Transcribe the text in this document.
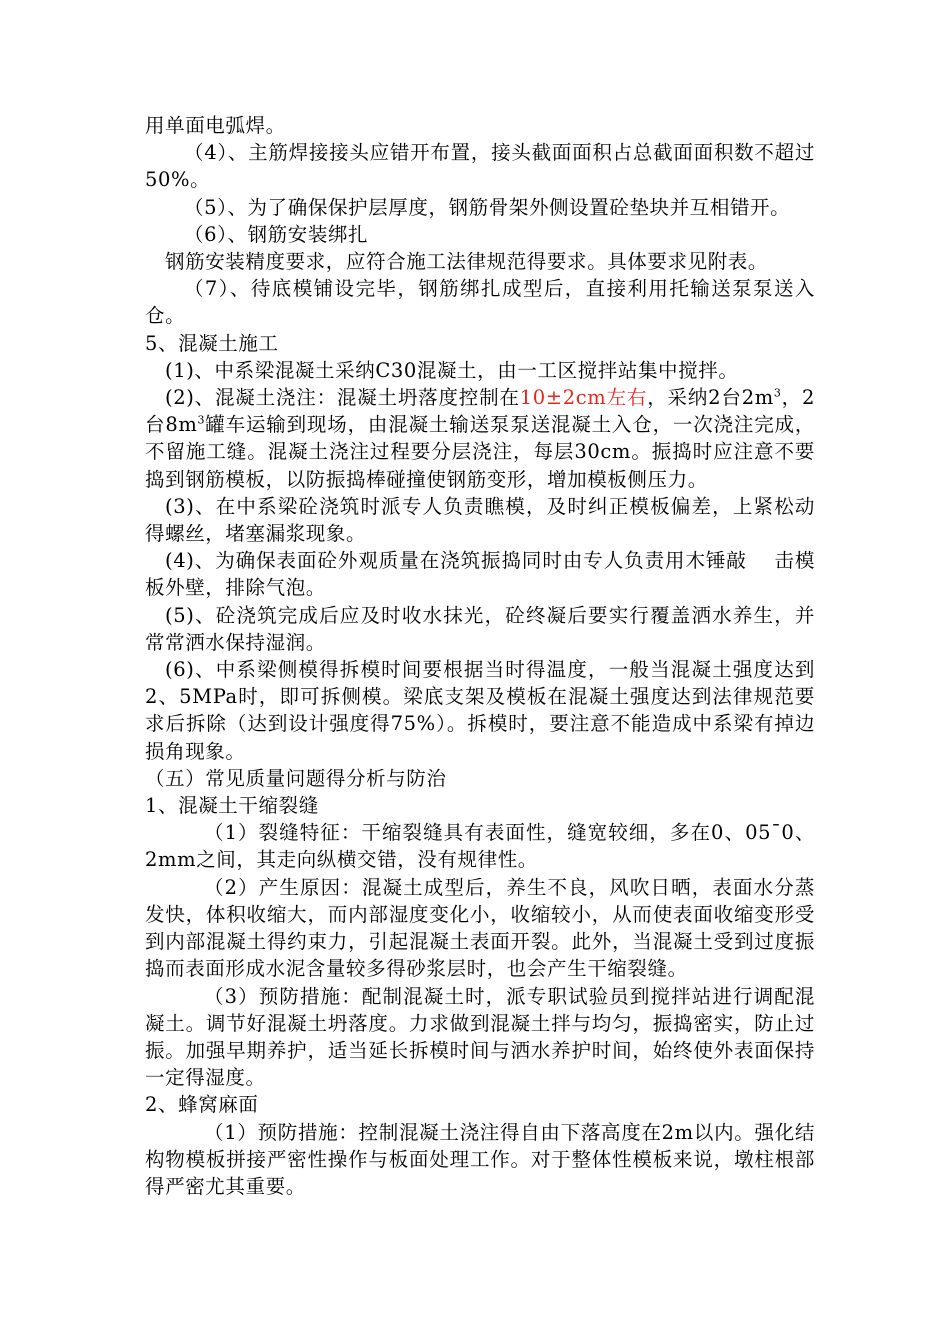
用单面电弧焊。

（4）、主筋焊接接头应错开布置，接头截面面积占总截面面积数不超过50%。

（5）、为了确保保护层厚度，钢筋骨架外侧设置砼垫块并互相错开。

（6）、钢筋安装绑扎

钢筋安装精度要求，应符合施工法律规范得要求。具体要求见附表。

（7）、待底模铺设完毕，钢筋绑扎成型后，直接利用托输送泵泵送入仓。

5、混凝土施工

(1)、中系梁混凝土采纳C30混凝土，由一工区搅拌站集中搅拌。

(2)、混凝土浇注：混凝土坍落度控制在10±2cm左右，采纳2台$2m^3$，2台$8m^3$罐车运输到现场，由混凝土输送泵泵送混凝土入仓，一次浇注完成，不留施工缝。混凝土浇注过程要分层浇注，每层30cm。振捣时应注意不要捣到钢筋模板，以防振捣棒碰撞使钢筋变形，增加模板侧压力。

(3)、在中系梁砼浇筑时派专人负责瞧模，及时纠正模板偏差，上紧松动得螺丝，堵塞漏浆现象。

(4)、为确保表面砼外观质量在浇筑振捣同时由专人负责用木锤敲　 击模板外壁，排除气泡。

(5)、砼浇筑完成后应及时收水抹光，砼终凝后要实行覆盖洒水养生，并常常洒水保持湿润。

(6)、中系梁侧模得拆模时间要根据当时得温度，一般当混凝土强度达到2、5MPa时，即可拆侧模。梁底支架及模板在混凝土强度达到法律规范要求后拆除（达到设计强度得75%）。拆模时，要注意不能造成中系梁有掉边损角现象。

（五）常见质量问题得分析与防治

1、混凝土干缩裂缝

（1）裂缝特征：干缩裂缝具有表面性，缝宽较细，多在0、05¯0、2mm之间，其走向纵横交错，没有规律性。

（2）产生原因：混凝土成型后，养生不良，风吹日晒，表面水分蒸发快，体积收缩大，而内部湿度变化小，收缩较小，从而使表面收缩变形受到内部混凝土得约束力，引起混凝土表面开裂。此外，当混凝土受到过度振捣而表面形成水泥含量较多得砂浆层时，也会产生干缩裂缝。

（3）预防措施：配制混凝土时，派专职试验员到搅拌站进行调配混凝土。调节好混凝土坍落度。力求做到混凝土拌与均匀，振捣密实，防止过振。加强早期养护，适当延长拆模时间与洒水养护时间，始终使外表面保持一定得湿度。

2、蜂窝麻面

（1）预防措施：控制混凝土浇注得自由下落高度在2m以内。强化结构物模板拼接严密性操作与板面处理工作。对于整体性模板来说，墩柱根部得严密尤其重要。
